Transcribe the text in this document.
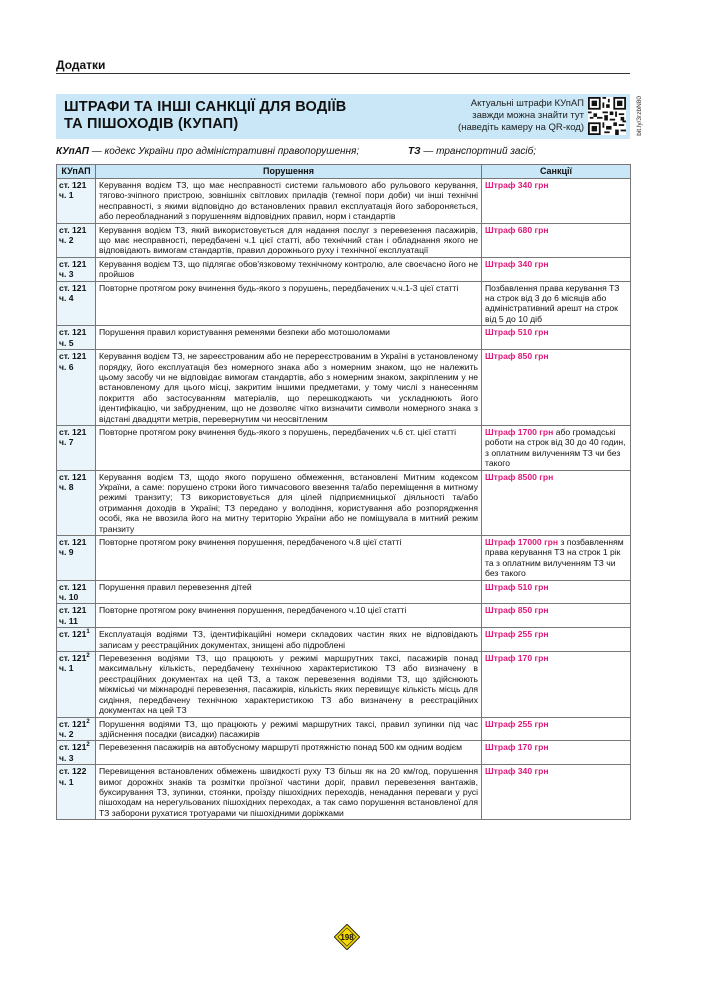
Додатки
ШТРАФИ ТА ІНШІ САНКЦІЇ ДЛЯ ВОДІЇВ ТА ПІШОХОДІВ (КУПАП)
Актуальні штрафи КУпАП
завжди можна знайти тут
(наведіть камеру на QR-код)	bit.ly/3rzbN80
КУпАП — кодекс України про адміністративні правопорушення;	ТЗ — транспортний засіб;
КУпАП	Порушення	Санкції

ст. 121
ч. 1	Керування водієм ТЗ, що має несправності системи гальмового або рульового керування, тягово-зчіпного пристрою, зовнішніх світлових приладів (темної пори доби) чи інші технічні несправності, з якими відповідно до встановлених правил експлуатація його забороняється, або переобладнаний з порушенням відповідних правил, норм і стандартів	Штраф 340 грн

ст. 121
ч. 2	Керування водієм ТЗ, який використовується для надання послуг з перевезення пасажирів, що має несправності, передбачені ч.1 цієї статті, або технічний стан і обладнання якого не відповідають вимогам стандартів, правил дорожнього руху і технічної експлуатації	Штраф 680 грн

ст. 121
ч. 3	Керування водієм ТЗ, що підлягає обов'язковому технічному контролю, але своєчасно його не пройшов	Штраф 340 грн

ст. 121
ч. 4	Повторне протягом року вчинення будь-якого з порушень, передбачених ч.ч.1-3 цієї статті	Позбавлення права керування ТЗ на строк від 3 до 6 місяців або адміністративний арешт на строк від 5 до 10 діб

ст. 121
ч. 5	Порушення правил користування ременями безпеки або мотошоломами	Штраф 510 грн

ст. 121
ч. 6	Керування водієм ТЗ, не зареєстрованим або не перереєстрованим в Україні в установленому порядку, його експлуатація без номерного знака або з номерним знаком, що не належить цьому засобу чи не відповідає вимогам стандартів, або з номерним знаком, закріпленим у не встановленому для цього місці, закритим іншими предметами, у тому числі з нанесенням покриття або застосуванням матеріалів, що перешкоджають чи ускладнюють його ідентифікацію, чи забрудненим, що не дозволяє чітко визначити символи номерного знака з відстані двадцяти метрів, перевернутим чи неосвітленим	Штраф 850 грн

ст. 121
ч. 7	Повторне протягом року вчинення будь-якого з порушень, передбачених ч.6 ст. цієї статті	Штраф 1700 грн або громадські роботи на строк від 30 до 40 годин, з оплатним вилученням ТЗ чи без такого

ст. 121
ч. 8	Керування водієм ТЗ, щодо якого порушено обмеження, встановлені Митним кодексом України, а саме: порушено строки його тимчасового ввезення та/або переміщення в митному режимі транзиту; ТЗ використовується для цілей підприємницької діяльності та/або отримання доходів в Україні; ТЗ передано у володіння, користування або розпорядження особі, яка не ввозила його на митну територію України або не поміщувала в митний режим транзиту	Штраф 8500 грн

ст. 121
ч. 9	Повторне протягом року вчинення порушення, передбаченого ч.8 цієї статті	Штраф 17000 грн з позбавленням права керування ТЗ на строк 1 рік та з оплатним вилученням ТЗ чи без такого

ст. 121
ч. 10	Порушення правил перевезення дітей	Штраф 510 грн

ст. 121
ч. 11	Повторне протягом року вчинення порушення, передбаченого ч.10 цієї статті	Штраф 850 грн

ст. $121^1$	Експлуатація водіями ТЗ, ідентифікаційні номери складових частин яких не відповідають записам у реєстраційних документах, знищені або підроблені	Штраф 255 грн

ст. $121^2$
ч. 1	Перевезення водіями ТЗ, що працюють у режимі маршрутних таксі, пасажирів понад максимальну кількість, передбачену технічною характеристикою ТЗ або визначену в реєстраційних документах на цей ТЗ, а також перевезення водіями ТЗ, що здійснюють міжміські чи міжнародні перевезення, пасажирів, кількість яких перевищує кількість місць для сидіння, передбачену технічною характеристикою ТЗ або визначену в реєстраційних документах на цей ТЗ	Штраф 170 грн

ст. $121^2$
ч. 2	Порушення водіями ТЗ, що працюють у режимі маршрутних таксі, правил зупинки під час здійснення посадки (висадки) пасажирів	Штраф 255 грн

ст. $121^2$
ч. 3	Перевезення пасажирів на автобусному маршруті протяжністю понад 500 км одним водієм	Штраф 170 грн

ст. 122
ч. 1	Перевищення встановлених обмежень швидкості руху ТЗ більш як на 20 км/год, порушення вимог дорожніх знаків та розмітки проїзної частини доріг, правил перевезення вантажів, буксирування ТЗ, зупинки, стоянки, проїзду пішохідних переходів, ненадання переваги у русі пішоходам на нерегульованих пішохідних переходах, а так само порушення встановленої для ТЗ заборони рухатися тротуарами чи пішохідними доріжками	Штраф 340 грн
198
